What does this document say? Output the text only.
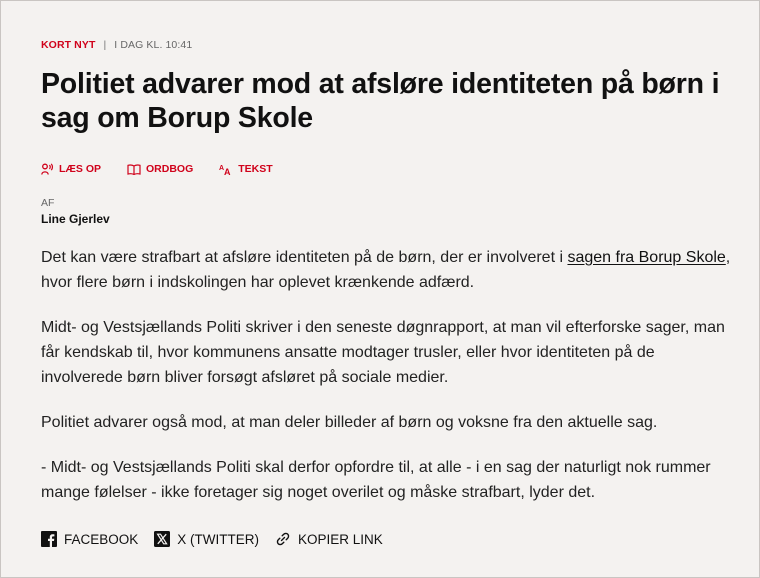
KORT NYT | I DAG KL. 10:41
Politiet advarer mod at afsløre identiteten på børn i sag om Borup Skole
LÆS OP	ORDBOG	A A TEKST
AF
Line Gjerlev

Det kan være strafbart at afsløre identiteten på de børn, der er involveret i sagen fra Borup Skole, hvor flere børn i indskolingen har oplevet krænkende adfærd.

Midt- og Vestsjællands Politi skriver i den seneste døgnrapport, at man vil efterforske sager, man får kendskab til, hvor kommunens ansatte modtager trusler, eller hvor identiteten på de involverede børn bliver forsøgt afsløret på sociale medier.

Politiet advarer også mod, at man deler billeder af børn og voksne fra den aktuelle sag.

- Midt- og Vestsjællands Politi skal derfor opfordre til, at alle - i en sag der naturligt nok rummer mange følelser - ikke foretager sig noget overilet og måske strafbart, lyder det.

FACEBOOK	X (TWITTER)	KOPIER LINK
